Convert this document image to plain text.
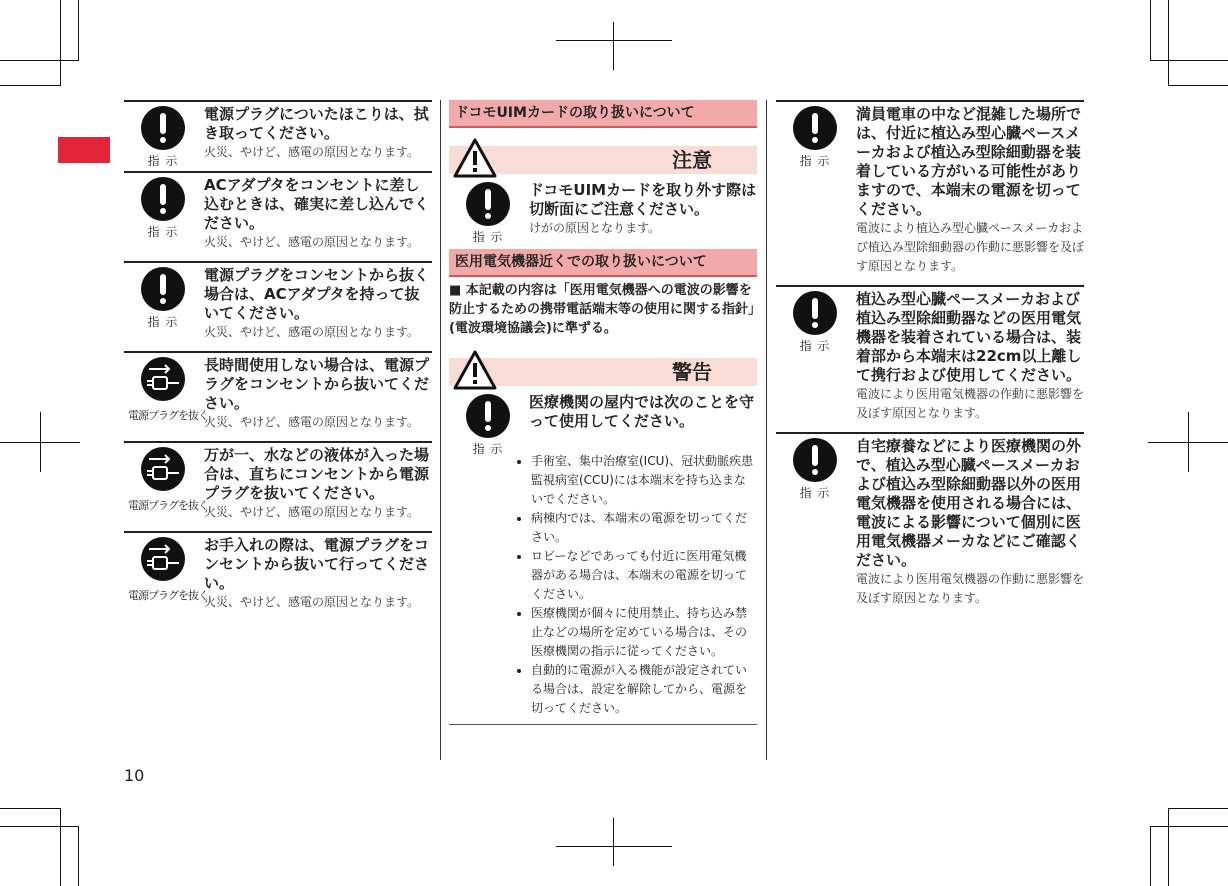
指 示
電源プラグについたほこりは、拭き取ってください。
火災、やけど、感電の原因となります。
指 示
ACアダプタをコンセントに差し込むときは、確実に差し込んでください。
火災、やけど、感電の原因となります。
指 示
電源プラグをコンセントから抜く場合は、ACアダプタを持って抜いてください。
火災、やけど、感電の原因となります。
電源プラグを抜く
長時間使用しない場合は、電源プラグをコンセントから抜いてください。
火災、やけど、感電の原因となります。
電源プラグを抜く
万が一、水などの液体が入った場合は、直ちにコンセントから電源プラグを抜いてください。
火災、やけど、感電の原因となります。
電源プラグを抜く
お手入れの際は、電源プラグをコンセントから抜いて行ってください。
火災、やけど、感電の原因となります。
ドコモUIMカードの取り扱いについて
注意
指 示
ドコモUIMカードを取り外す際は切断面にご注意ください。
けがの原因となります。
医用電気機器近くでの取り扱いについて
■ 本記載の内容は「医用電気機器への電波の影響を防止するための携帯電話端末等の使用に関する指針」(電波環境協議会)に準ずる。
警告
指 示
医療機関の屋内では次のことを守って使用してください。
• 手術室、集中治療室(ICU)、冠状動脈疾患監視病室(CCU)には本端末を持ち込まないでください。
• 病棟内では、本端末の電源を切ってください。
• ロビーなどであっても付近に医用電気機器がある場合は、本端末の電源を切ってください。
• 医療機関が個々に使用禁止、持ち込み禁止などの場所を定めている場合は、その医療機関の指示に従ってください。
• 自動的に電源が入る機能が設定されている場合は、設定を解除してから、電源を切ってください。
指 示
満員電車の中など混雑した場所では、付近に植込み型心臓ペースメーカおよび植込み型除細動器を装着している方がいる可能性がありますので、本端末の電源を切ってください。
電波により植込み型心臓ペースメーカおよび植込み型除細動器の作動に悪影響を及ぼす原因となります。
指 示
植込み型心臓ペースメーカおよび植込み型除細動器などの医用電気機器を装着されている場合は、装着部から本端末は22cm以上離して携行および使用してください。
電波により医用電気機器の作動に悪影響を及ぼす原因となります。
指 示
自宅療養などにより医療機関の外で、植込み型心臓ペースメーカおよび植込み型除細動器以外の医用電気機器を使用される場合には、電波による影響について個別に医用電気機器メーカなどにご確認ください。
電波により医用電気機器の作動に悪影響を及ぼす原因となります。
10
